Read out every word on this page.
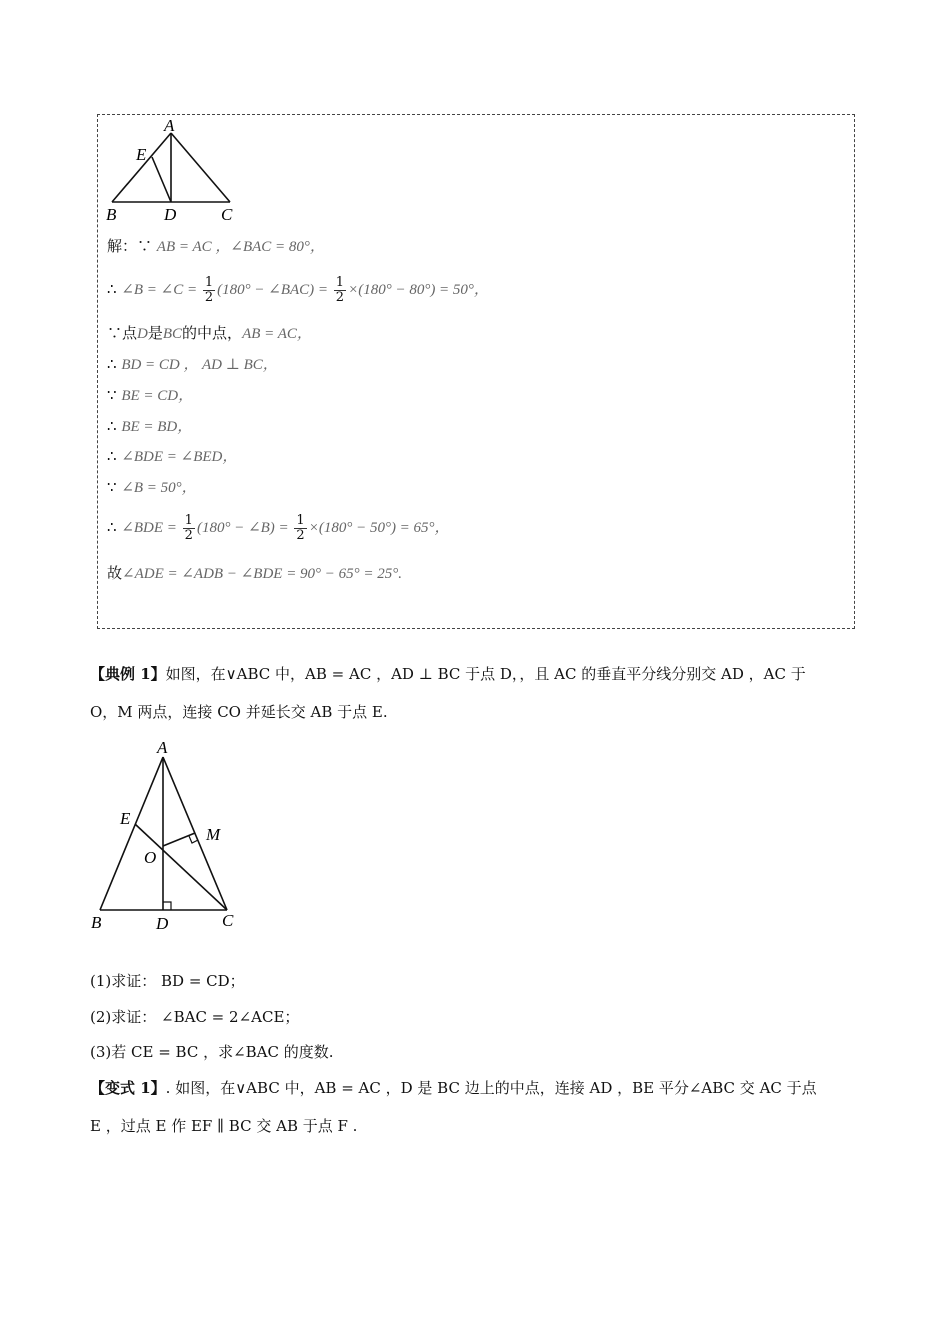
A
E
B	D	C
解：∵ AB = AC ，∠BAC = 80°，
∴ ∠B = ∠C = $\frac{1}{2} (180^\circ$ − ∠BAC) = $\frac{1}{2} \times(180^\circ - 80^\circ) = 50^\circ$，
∵点D是BC的中点，AB = AC，
∴ BD = CD ， AD ⊥ BC，
∵ BE = CD，
∴ BE = BD，
∴ ∠BDE = ∠BED，
∵ ∠B = 50°，
∴ ∠BDE = $\frac{1}{2} (180^\circ$ − ∠B) = $\frac{1}{2} \times(180^\circ - 50^\circ) = 65^\circ$，
故∠ADE = ∠ADB − ∠BDE = 90° − 65° = 25°.
【典例 1】如图，在∨ABC 中，AB = AC ，AD ⊥ BC 于点 D，，且 AC 的垂直平分线分别交 AD ，AC 于
O，M 两点，连接 CO 并延长交 AB 于点 E.
A
E
M
O
B	D	C
(1)求证： BD = CD；
(2)求证： ∠BAC = 2∠ACE；
(3)若 CE = BC ，求∠BAC 的度数.
【变式 1】. 如图，在∨ABC 中，AB = AC ，D 是 BC 边上的中点，连接 AD ，BE 平分∠ABC 交 AC 于点
E ，过点 E 作 EF ∥ BC 交 AB 于点 F .
